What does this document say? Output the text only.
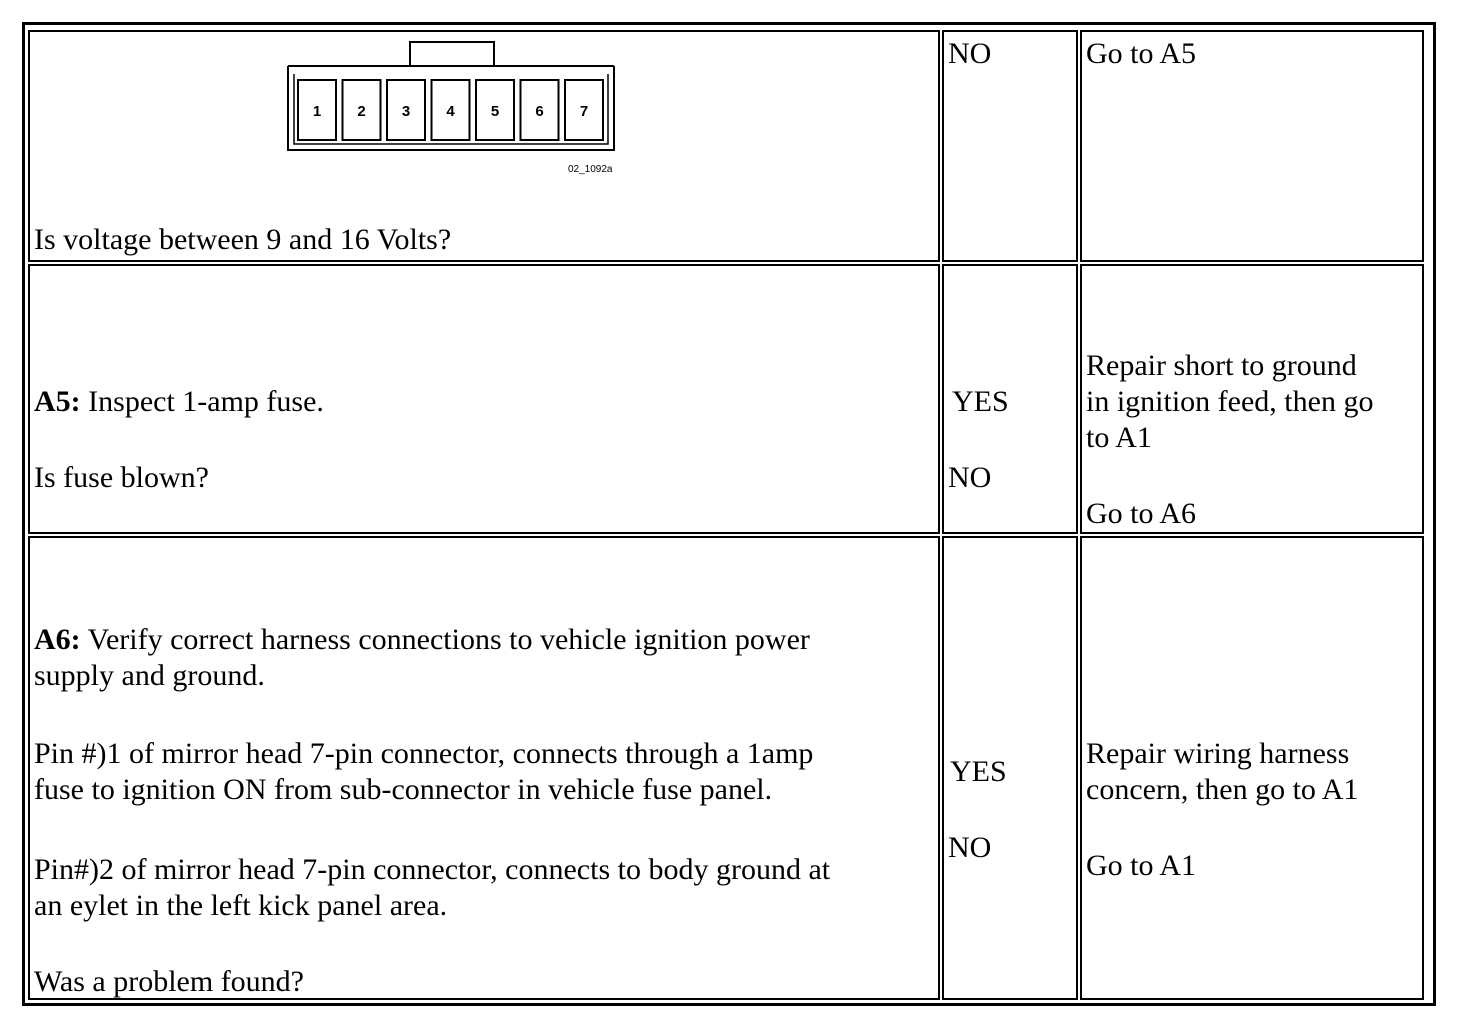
1 2 3 4 5 6 7
02_1092a
Is voltage between 9 and 16 Volts?
NO	Go to A5
A5: Inspect 1-amp fuse.
Is fuse blown?
YES
NO
Repair short to ground
in ignition feed, then go
to A1
Go to A6
A6: Verify correct harness connections to vehicle ignition power
supply and ground.
Pin #)1 of mirror head 7-pin connector, connects through a 1amp
fuse to ignition ON from sub-connector in vehicle fuse panel.
Pin#)2 of mirror head 7-pin connector, connects to body ground at
an eylet in the left kick panel area.
Was a problem found?
YES
NO
Repair wiring harness
concern, then go to A1
Go to A1
